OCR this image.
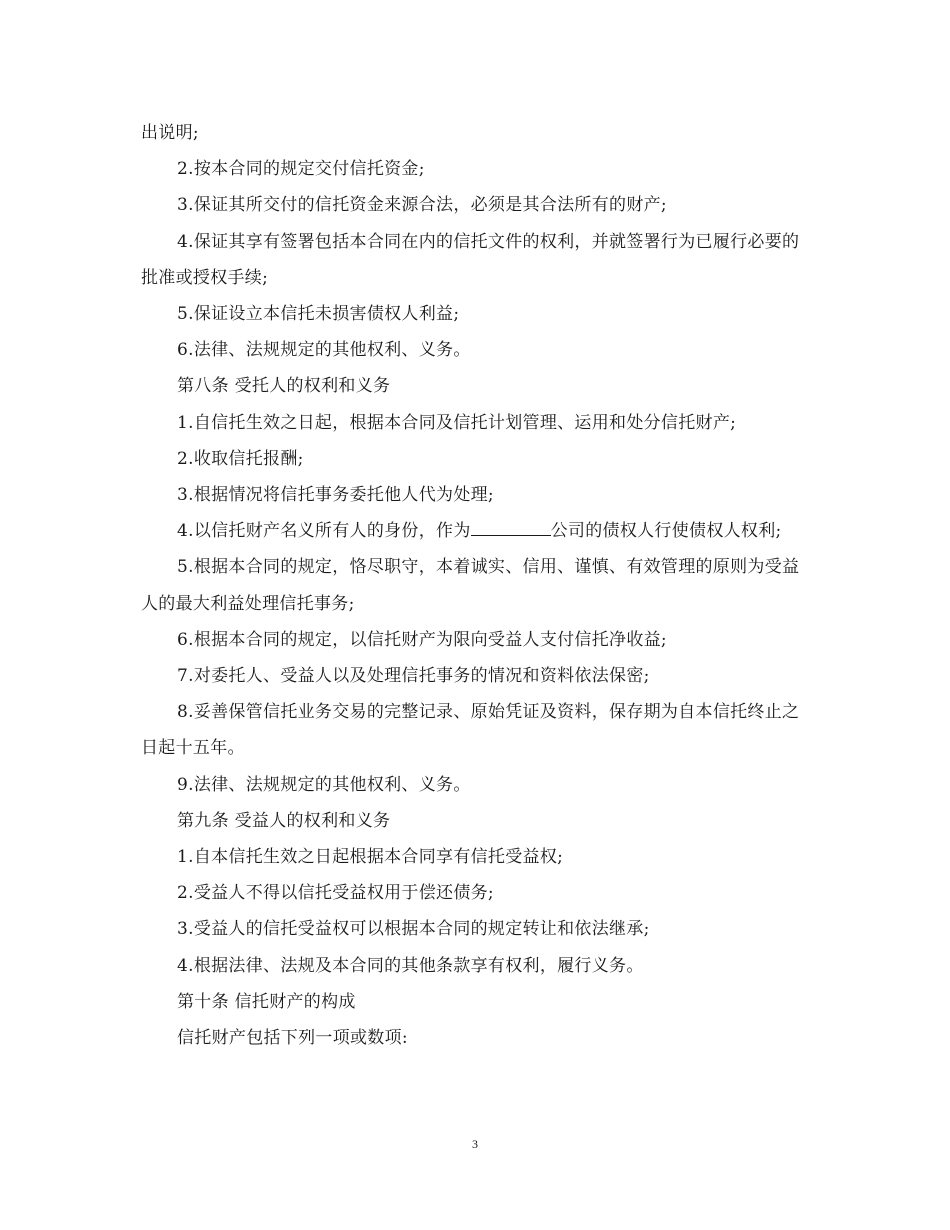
出说明;

2.按本合同的规定交付信托资金;

3.保证其所交付的信托资金来源合法，必须是其合法所有的财产;

4.保证其享有签署包括本合同在内的信托文件的权利，并就签署行为已履行必要的批准或授权手续;

5.保证设立本信托未损害债权人利益;

6.法律、法规规定的其他权利、义务。

第八条 受托人的权利和义务

1.自信托生效之日起，根据本合同及信托计划管理、运用和处分信托财产;

2.收取信托报酬;

3.根据情况将信托事务委托他人代为处理;

4.以信托财产名义所有人的身份，作为	公司的债权人行使债权人权利;

5.根据本合同的规定，恪尽职守，本着诚实、信用、谨慎、有效管理的原则为受益人的最大利益处理信托事务;

6.根据本合同的规定，以信托财产为限向受益人支付信托净收益;

7.对委托人、受益人以及处理信托事务的情况和资料依法保密;

8.妥善保管信托业务交易的完整记录、原始凭证及资料，保存期为自本信托终止之日起十五年。

9.法律、法规规定的其他权利、义务。

第九条 受益人的权利和义务

1.自本信托生效之日起根据本合同享有信托受益权;

2.受益人不得以信托受益权用于偿还债务;

3.受益人的信托受益权可以根据本合同的规定转让和依法继承;

4.根据法律、法规及本合同的其他条款享有权利，履行义务。

第十条 信托财产的构成

信托财产包括下列一项或数项:

3
